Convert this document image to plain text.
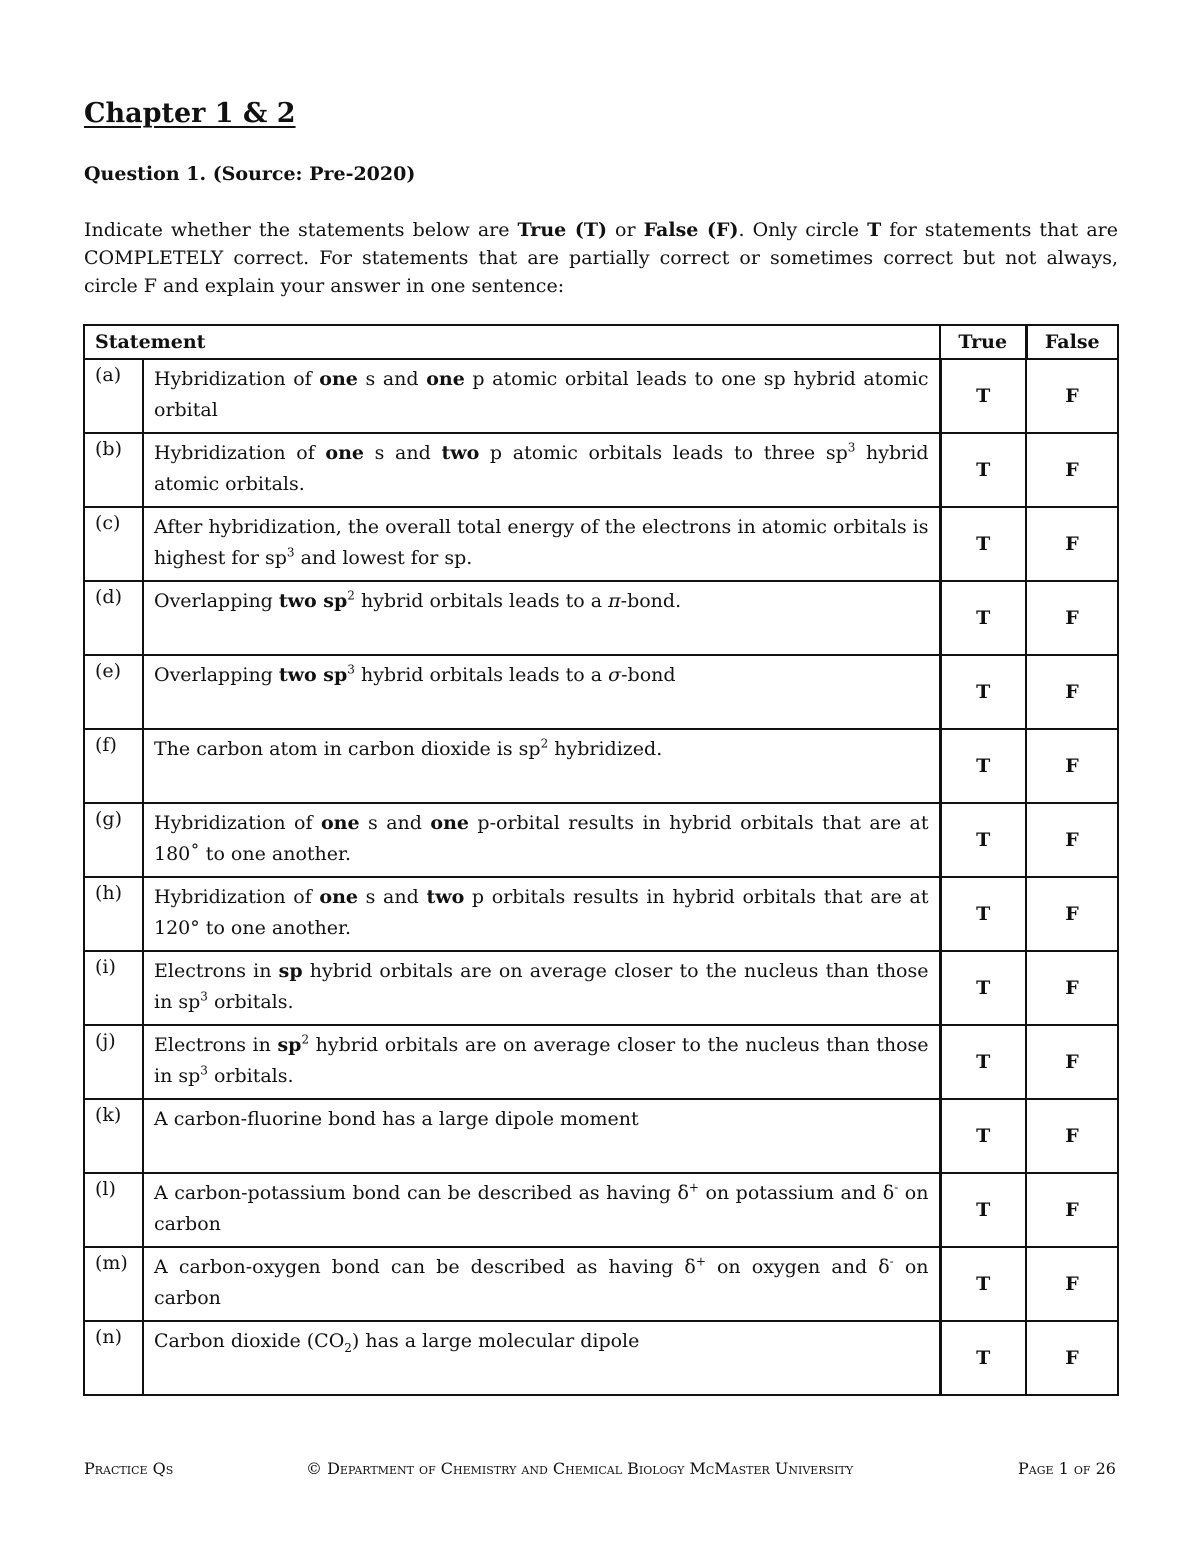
Chapter 1 & 2
Question 1. (Source: Pre-2020)
Indicate whether the statements below are True (T) or False (F). Only circle T for statements that are COMPLETELY correct. For statements that are partially correct or sometimes correct but not always, circle F and explain your answer in one sentence:
Statement		True	False
(a)	Hybridization of one s and one p atomic orbital leads to one sp hybrid atomic orbital	T	F
(b)	Hybridization of one s and two p atomic orbitals leads to three $sp^3$ hybrid atomic orbitals.	T	F
(c)	After hybridization, the overall total energy of the electrons in atomic orbitals is highest for $sp^3$ and lowest for sp.	T	F
(d)	Overlapping two $sp^2$ hybrid orbitals leads to a π-bond.	T	F
(e)	Overlapping two $sp^3$ hybrid orbitals leads to a σ-bond	T	F
(f)	The carbon atom in carbon dioxide is $sp^2$ hybridized.	T	F
(g)	Hybridization of one s and one p-orbital results in hybrid orbitals that are at 180˚ to one another.	T	F
(h)	Hybridization of one s and two p orbitals results in hybrid orbitals that are at 120° to one another.	T	F
(i)	Electrons in sp hybrid orbitals are on average closer to the nucleus than those in $sp^3$ orbitals.	T	F
(j)	Electrons in $sp^2$ hybrid orbitals are on average closer to the nucleus than those in $sp^3$ orbitals.	T	F
(k)	A carbon-fluorine bond has a large dipole moment	T	F
(l)	A carbon-potassium bond can be described as having δ+ on potassium and δ- on carbon	T	F
(m)	A carbon-oxygen bond can be described as having δ+ on oxygen and δ- on carbon	T	F
(n)	Carbon dioxide $(CO_2)$ has a large molecular dipole	T	F
Practice Qs	© Department of Chemistry and Chemical Biology McMaster University	Page 1 of 26
